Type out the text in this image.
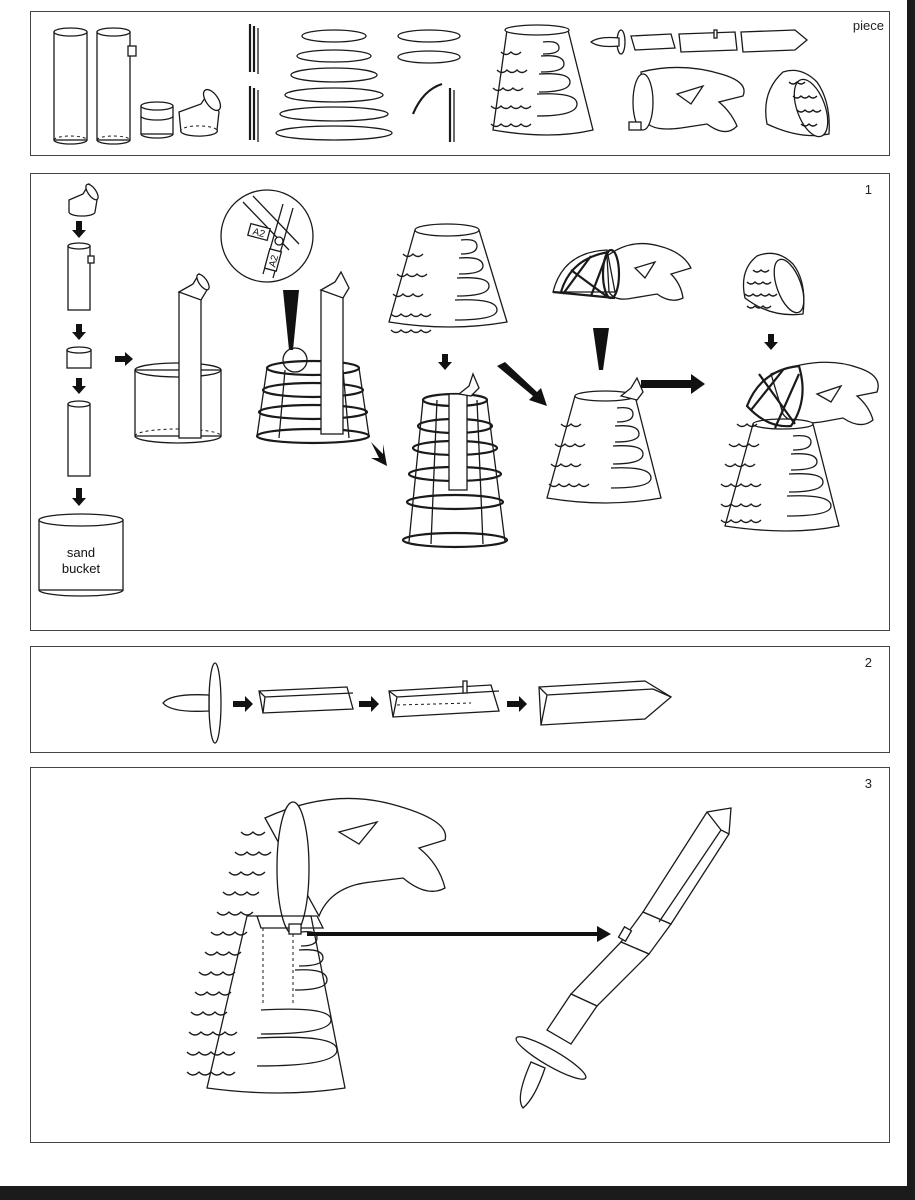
piece
1
sand
bucket
A2
A2
2
3
